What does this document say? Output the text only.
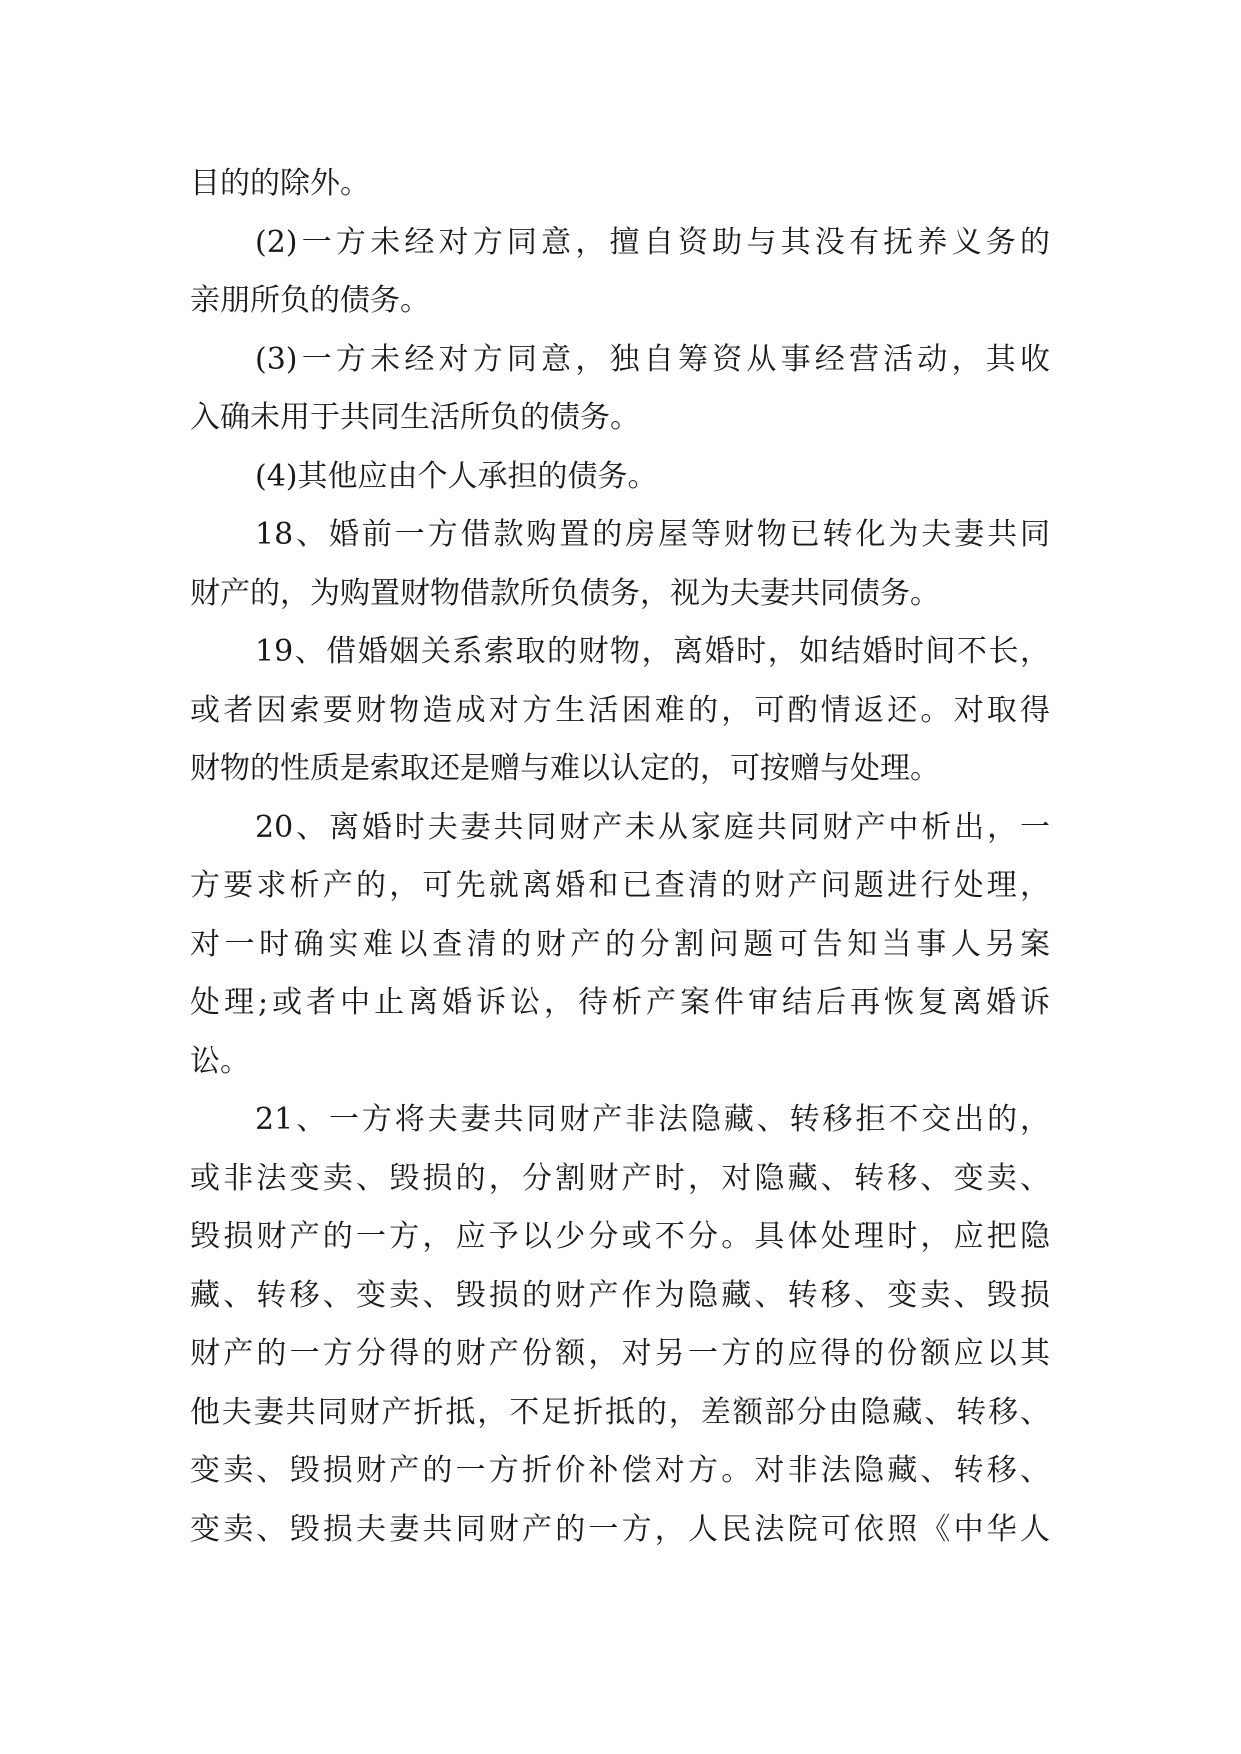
目的的除外。
(2)一方未经对方同意，擅自资助与其没有抚养义务的
亲朋所负的债务。
(3)一方未经对方同意，独自筹资从事经营活动，其收
入确未用于共同生活所负的债务。
(4)其他应由个人承担的债务。
18、婚前一方借款购置的房屋等财物已转化为夫妻共同
财产的，为购置财物借款所负债务，视为夫妻共同债务。
19、借婚姻关系索取的财物，离婚时，如结婚时间不长，
或者因索要财物造成对方生活困难的，可酌情返还。对取得
财物的性质是索取还是赠与难以认定的，可按赠与处理。
20、离婚时夫妻共同财产未从家庭共同财产中析出，一
方要求析产的，可先就离婚和已查清的财产问题进行处理，
对一时确实难以查清的财产的分割问题可告知当事人另案
处理;或者中止离婚诉讼，待析产案件审结后再恢复离婚诉
讼。
21、一方将夫妻共同财产非法隐藏、转移拒不交出的，
或非法变卖、毁损的，分割财产时，对隐藏、转移、变卖、
毁损财产的一方，应予以少分或不分。具体处理时，应把隐
藏、转移、变卖、毁损的财产作为隐藏、转移、变卖、毁损
财产的一方分得的财产份额，对另一方的应得的份额应以其
他夫妻共同财产折抵，不足折抵的，差额部分由隐藏、转移、
变卖、毁损财产的一方折价补偿对方。对非法隐藏、转移、
变卖、毁损夫妻共同财产的一方，人民法院可依照《中华人
